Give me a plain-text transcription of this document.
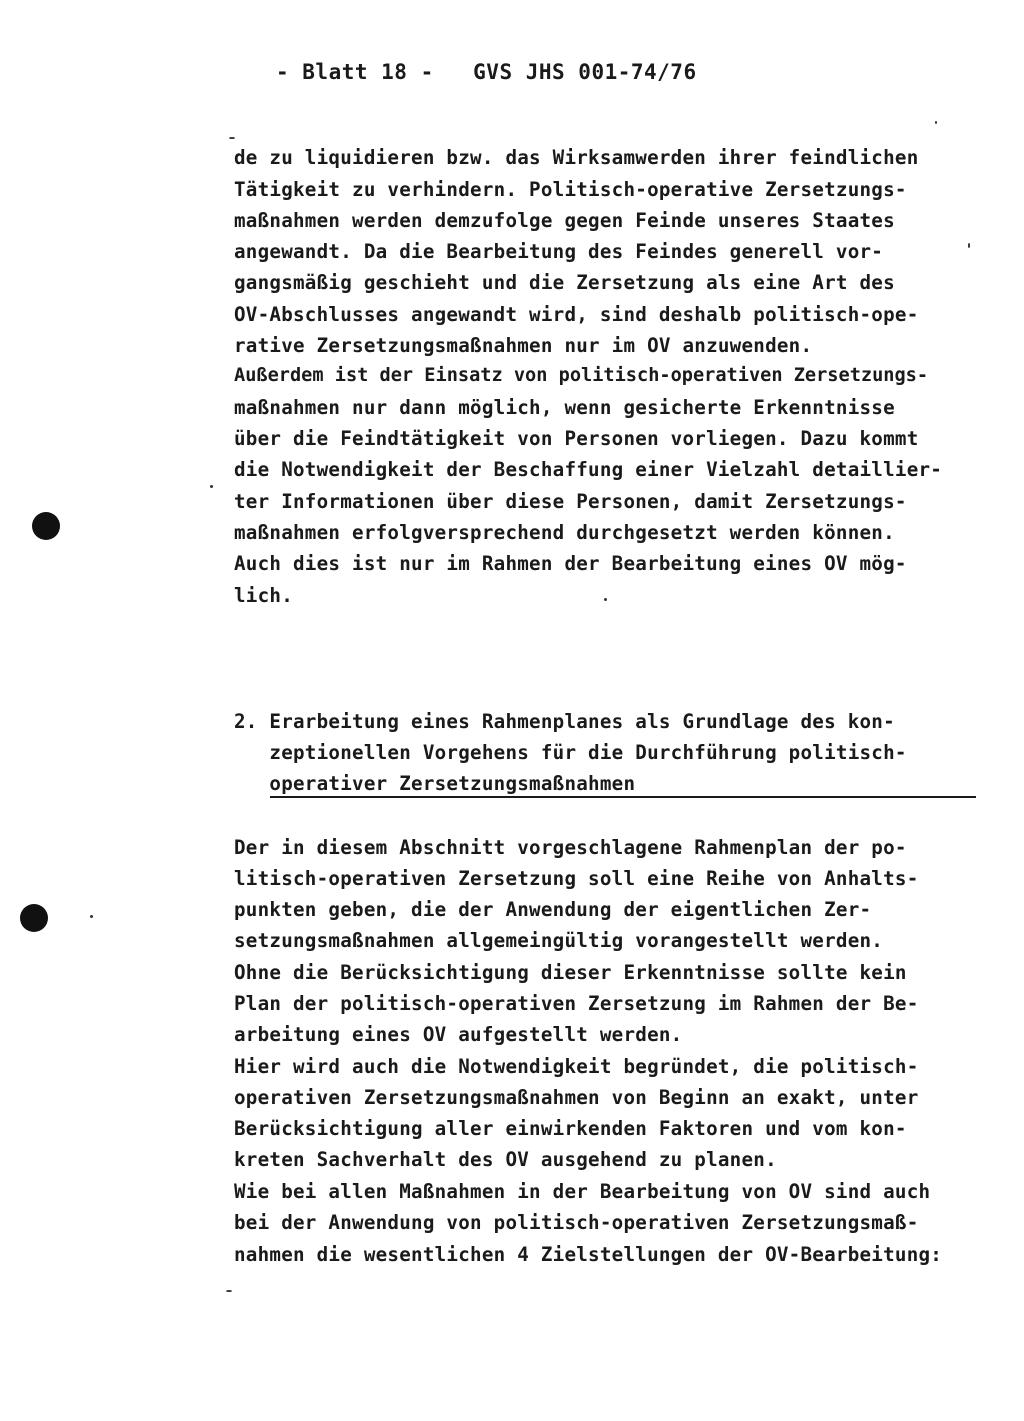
- Blatt 18 - GVS JHS 001-74/76
de zu liquidieren bzw. das Wirksamwerden ihrer feindlichen
Tätigkeit zu verhindern. Politisch-operative Zersetzungs-
maßnahmen werden demzufolge gegen Feinde unseres Staates
angewandt. Da die Bearbeitung des Feindes generell vor-
gangsmäßig geschieht und die Zersetzung als eine Art des
OV-Abschlusses angewandt wird, sind deshalb politisch-ope-
rative Zersetzungsmaßnahmen nur im OV anzuwenden.
Außerdem ist der Einsatz von politisch-operativen Zersetzungs-
maßnahmen nur dann möglich, wenn gesicherte Erkenntnisse
über die Feindtätigkeit von Personen vorliegen. Dazu kommt
die Notwendigkeit der Beschaffung einer Vielzahl detaillier-
ter Informationen über diese Personen, damit Zersetzungs-
maßnahmen erfolgversprechend durchgesetzt werden können.
Auch dies ist nur im Rahmen der Bearbeitung eines OV mög-
lich.
2. Erarbeitung eines Rahmenplanes als Grundlage des kon-
zeptionellen Vorgehens für die Durchführung politisch-
operativer Zersetzungsmaßnahmen
Der in diesem Abschnitt vorgeschlagene Rahmenplan der po-
litisch-operativen Zersetzung soll eine Reihe von Anhalts-
punkten geben, die der Anwendung der eigentlichen Zer-
setzungsmaßnahmen allgemeingültig vorangestellt werden.
Ohne die Berücksichtigung dieser Erkenntnisse sollte kein
Plan der politisch-operativen Zersetzung im Rahmen der Be-
arbeitung eines OV aufgestellt werden.
Hier wird auch die Notwendigkeit begründet, die politisch-
operativen Zersetzungsmaßnahmen von Beginn an exakt, unter
Berücksichtigung aller einwirkenden Faktoren und vom kon-
kreten Sachverhalt des OV ausgehend zu planen.
Wie bei allen Maßnahmen in der Bearbeitung von OV sind auch
bei der Anwendung von politisch-operativen Zersetzungsmaß-
nahmen die wesentlichen 4 Zielstellungen der OV-Bearbeitung:
